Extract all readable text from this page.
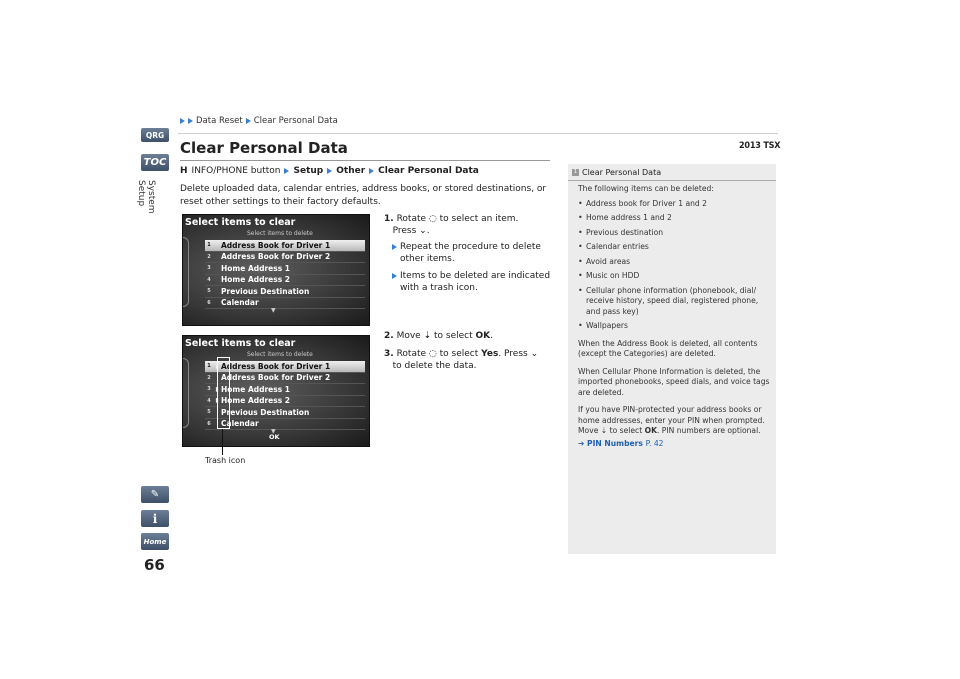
Data Reset Clear Personal Data
2013 TSX
QRG
TOC
System Setup
✎
i
Home
66
Clear Personal Data
H INFO/PHONE button Setup Other Clear Personal Data
Delete uploaded data, calendar entries, address books, or stored destinations, or reset other settings to their factory defaults.
Select items to clear
Select items to delete
1	Address Book for Driver 1
2	Address Book for Driver 2
3	Home Address 1
4	Home Address 2
5	Previous Destination
6	Calendar
▼
Select items to clear
Select items to delete
1 ▮ Address Book for Driver 1
2	Address Book for Driver 2
3 ▮ Home Address 1
4 ▮ Home Address 2
5	Previous Destination
6	Calendar
▼
OK
Trash icon
1. Rotate ◌ to select an item.
Press ⌄.
Repeat the procedure to delete other items.
Items to be deleted are indicated with a trash icon.
2. Move ⇣ to select OK.
3. Rotate ◌ to select Yes. Press ⌄
to delete the data.
1 Clear Personal Data
The following items can be deleted:
• Address book for Driver 1 and 2
• Home address 1 and 2
• Previous destination
• Calendar entries
• Avoid areas
• Music on HDD
• Cellular phone information (phonebook, dial/ receive history, speed dial, registered phone, and pass key)
• Wallpapers

When the Address Book is deleted, all contents (except the Categories) are deleted.

When Cellular Phone Information is deleted, the imported phonebooks, speed dials, and voice tags are deleted.

If you have PIN-protected your address books or home addresses, enter your PIN when prompted. Move ⇣ to select OK. PIN numbers are optional.

➔ PIN Numbers P. 42
